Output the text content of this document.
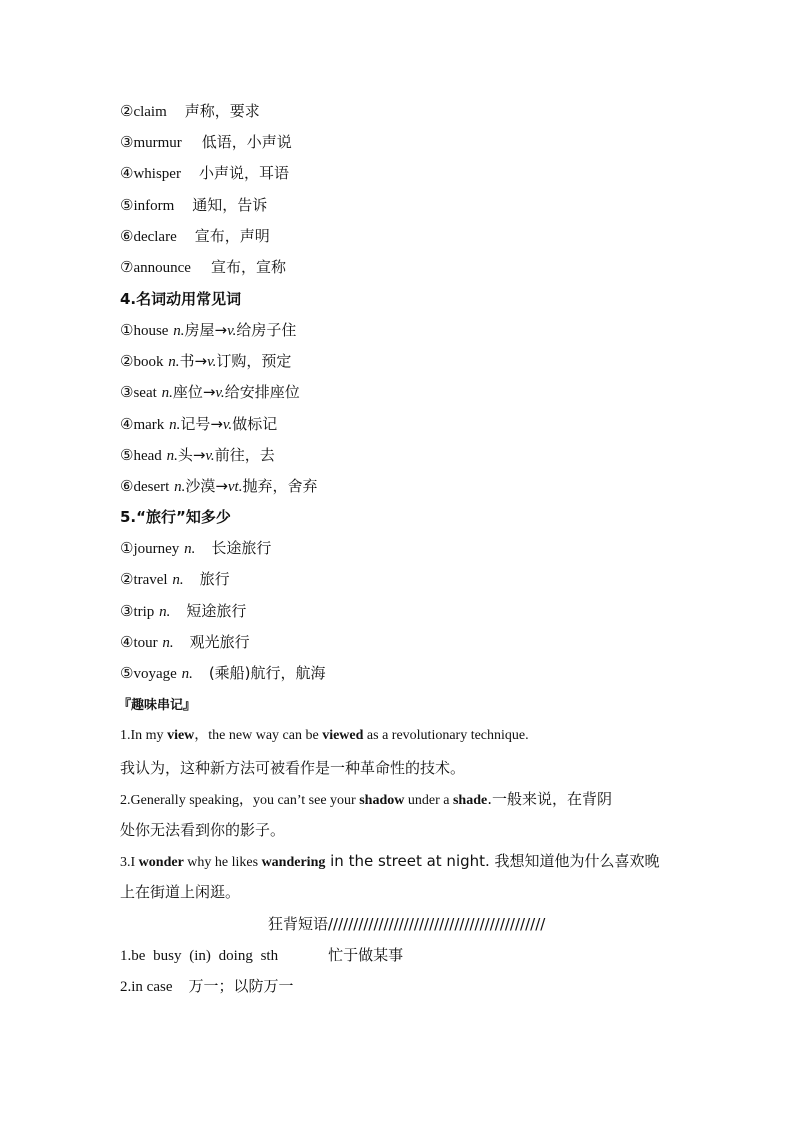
②claim 声称，要求
③murmur 低语，小声说
④whisper 小声说，耳语
⑤inform 通知，告诉
⑥declare 宣布，声明
⑦announce 宣布，宣称
4.名词动用常见词
①house n.房屋→v.给房子住
②book n.书→v.订购，预定
③seat n.座位→v.给安排座位
④mark n.记号→v.做标记
⑤head n.头→v.前往，去
⑥desert n.沙漠→vt.抛弃，舍弃
5.“旅行”知多少
①journey n. 长途旅行
②travel n. 旅行
③trip n. 短途旅行
④tour n. 观光旅行
⑤voyage n. (乘船)航行，航海
『趣味串记』
1.In my view，the new way can be viewed as a revolutionary technique.
我认为，这种新方法可被看作是一种革命性的技术。
2.Generally speaking，you can’t see your shadow under a shade.一般来说，在背阴
处你无法看到你的影子。
3.I wonder why he likes wandering in the street at night. 我想知道他为什么喜欢晚
上在街道上闲逛。
狂背短语///////////////////////////////////////////
1.be busy (in) doing sth	忙于做某事
2.in case 万一；以防万一
